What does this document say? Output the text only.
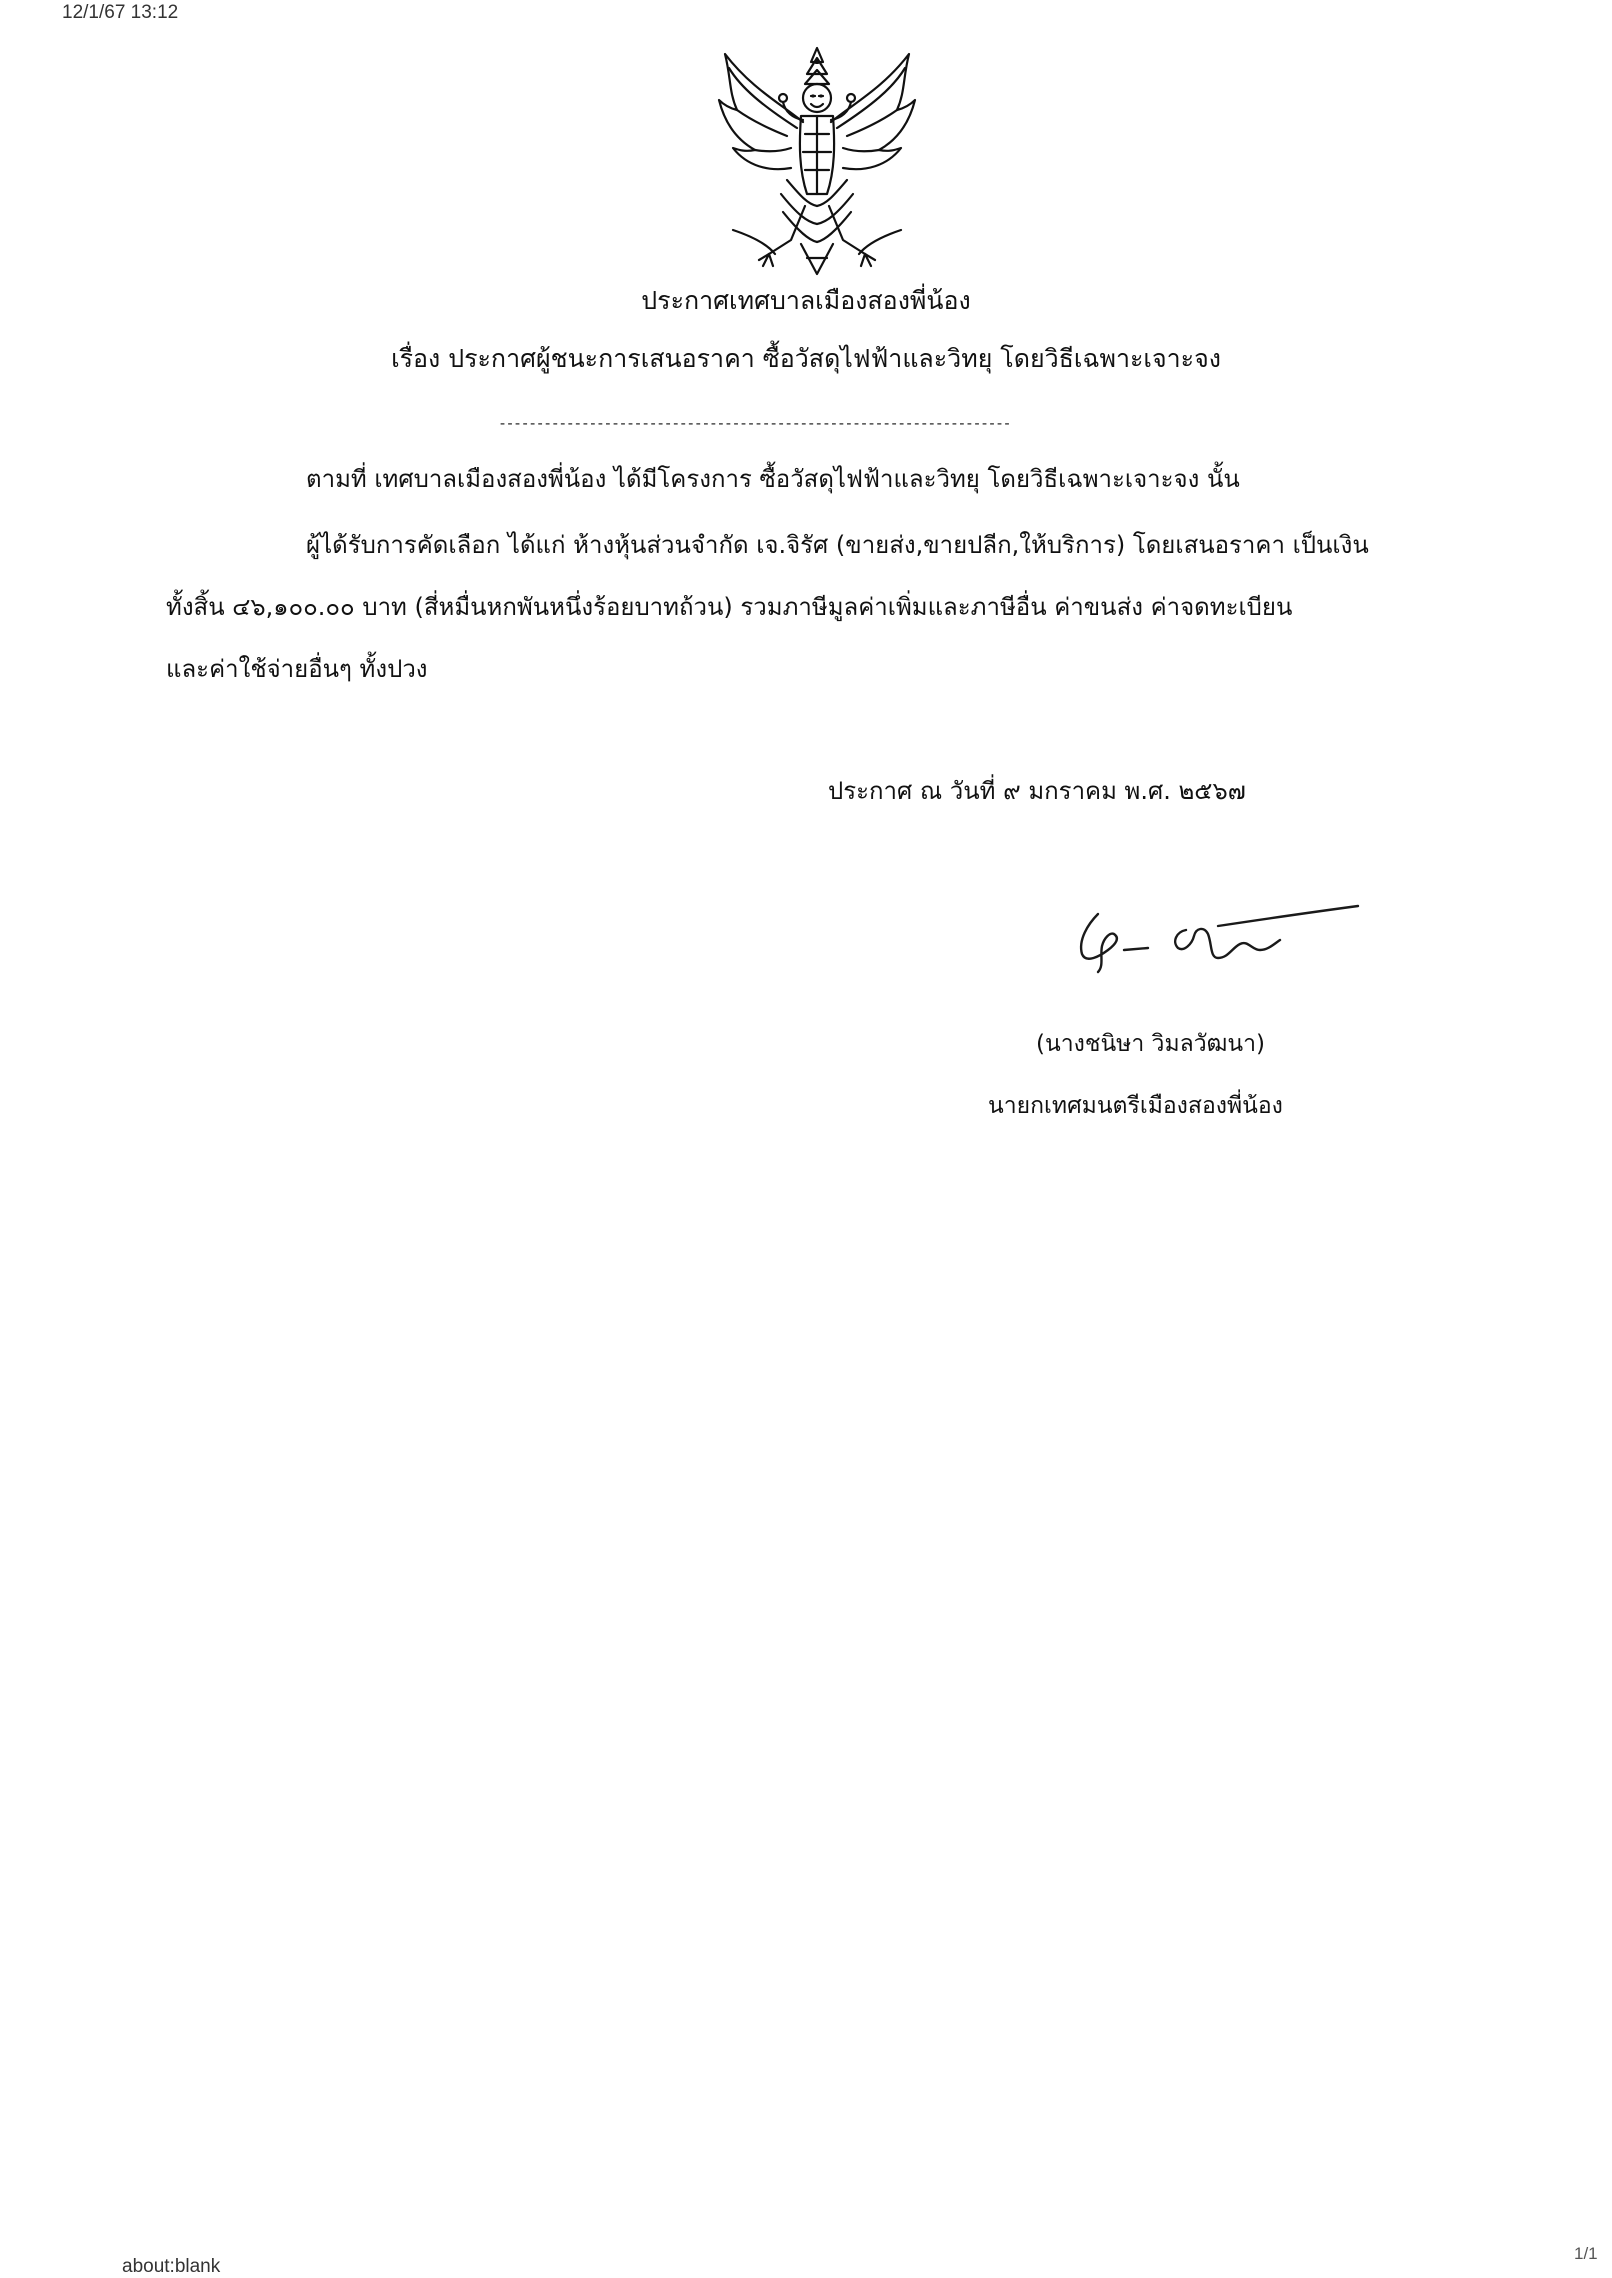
12/1/67 13:12
ประกาศเทศบาลเมืองสองพี่น้อง
เรื่อง ประกาศผู้ชนะการเสนอราคา ซื้อวัสดุไฟฟ้าและวิทยุ โดยวิธีเฉพาะเจาะจง
--------------------------------------------------------------------
ตามที่ เทศบาลเมืองสองพี่น้อง ได้มีโครงการ ซื้อวัสดุไฟฟ้าและวิทยุ โดยวิธีเฉพาะเจาะจง นั้น
ผู้ได้รับการคัดเลือก ได้แก่ ห้างหุ้นส่วนจำกัด เจ.จิรัศ (ขายส่ง,ขายปลีก,ให้บริการ) โดยเสนอราคา เป็นเงิน
ทั้งสิ้น ๔๖,๑๐๐.๐๐ บาท (สี่หมื่นหกพันหนึ่งร้อยบาทถ้วน) รวมภาษีมูลค่าเพิ่มและภาษีอื่น ค่าขนส่ง ค่าจดทะเบียน
และค่าใช้จ่ายอื่นๆ ทั้งปวง
ประกาศ ณ วันที่ ๙ มกราคม พ.ศ. ๒๕๖๗
(นางชนิษา วิมลวัฒนา)
นายกเทศมนตรีเมืองสองพี่น้อง
about:blank
1/1
